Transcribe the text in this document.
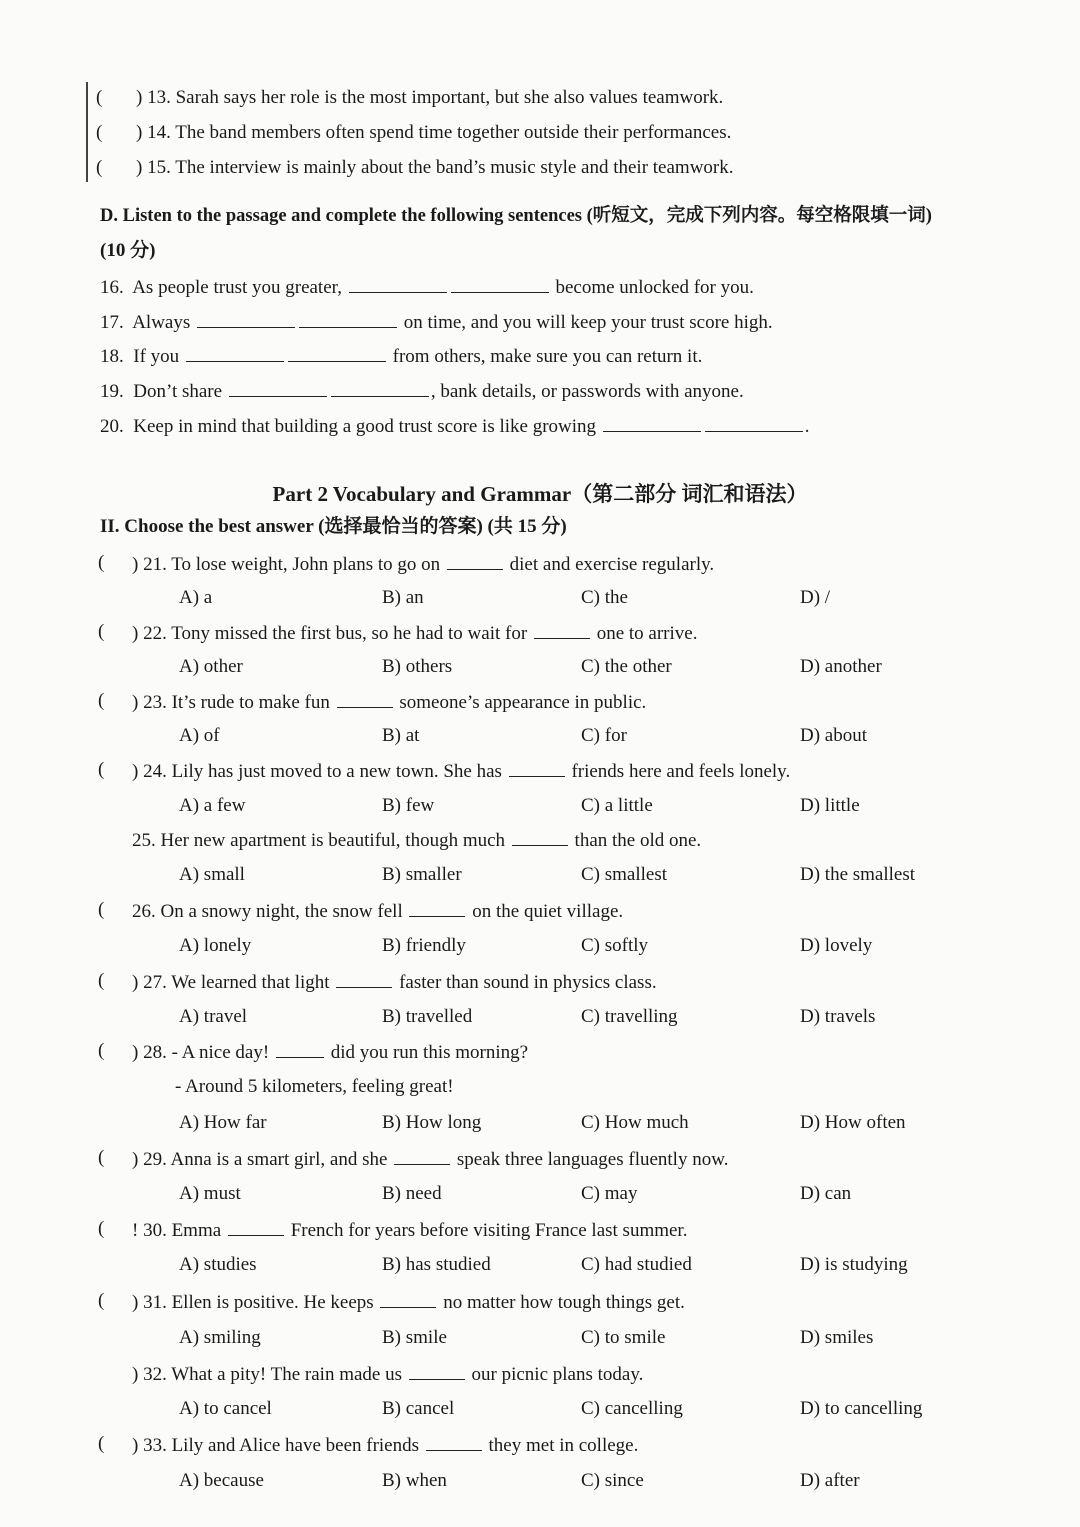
( ) 13. Sarah says her role is the most important, but she also values teamwork.
( ) 14. The band members often spend time together outside their performances.
( ) 15. The interview is mainly about the band’s music style and their teamwork.
D. Listen to the passage and complete the following sentences (听短文，完成下列内容。每空格限填一词)
(10 分)
16. As people trust you greater,	become unlocked for you.
17. Always	on time, and you will keep your trust score high.
18. If you	from others, make sure you can return it.
19. Don’t share	, bank details, or passwords with anyone.
20. Keep in mind that building a good trust score is like growing	.
Part 2 Vocabulary and Grammar（第二部分 词汇和语法）
II. Choose the best answer (选择最恰当的答案) (共 15 分)
( ) 21. To lose weight, John plans to go on	diet and exercise regularly.
A) a	B) an	C) the	D) /
( ) 22. Tony missed the first bus, so he had to wait for	one to arrive.
A) other	B) others	C) the other	D) another
( ) 23. It’s rude to make fun	someone’s appearance in public.
A) of	B) at	C) for	D) about
( ) 24. Lily has just moved to a new town. She has	friends here and feels lonely.
A) a few	B) few	C) a little	D) little
25. Her new apartment is beautiful, though much	than the old one.
A) small	B) smaller	C) smallest	D) the smallest
( 26. On a snowy night, the snow fell	on the quiet village.
A) lonely	B) friendly	C) softly	D) lovely
( ) 27. We learned that light	faster than sound in physics class.
A) travel	B) travelled	C) travelling	D) travels
( ) 28. - A nice day!	did you run this morning?
- Around 5 kilometers, feeling great!
A) How far	B) How long	C) How much	D) How often
( ) 29. Anna is a smart girl, and she	speak three languages fluently now.
A) must	B) need	C) may	D) can
( ! 30. Emma	French for years before visiting France last summer.
A) studies	B) has studied	C) had studied	D) is studying
( ) 31. Ellen is positive. He keeps	no matter how tough things get.
A) smiling	B) smile	C) to smile	D) smiles
) 32. What a pity! The rain made us	our picnic plans today.
A) to cancel	B) cancel	C) cancelling	D) to cancelling
( ) 33. Lily and Alice have been friends	they met in college.
A) because	B) when	C) since	D) after
